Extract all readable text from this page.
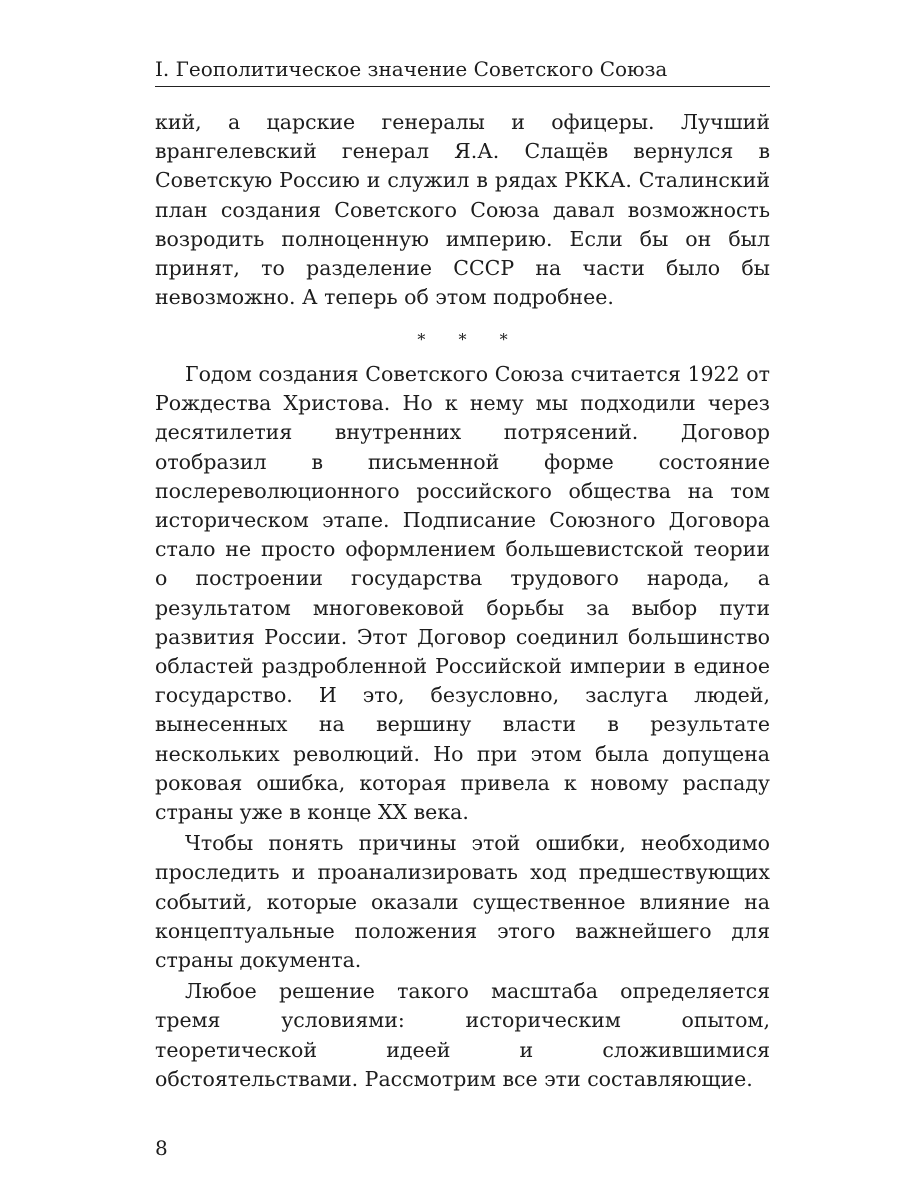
I. Геополитическое значение Советского Союза

кий, а царские генералы и офицеры. Лучший врангелевский генерал Я.А. Слащёв вернулся в Советскую Россию и служил в рядах РККА. Сталинский план создания Советского Союза давал возможность возродить полноценную империю. Если бы он был принят, то разделение СССР на части было бы невозможно. А теперь об этом подробнее.

* * *

Годом создания Советского Союза считается 1922 от Рождества Христова. Но к нему мы подходили через десятилетия внутренних потрясений. Договор отобразил в письменной форме состояние послереволюционного российского общества на том историческом этапе. Подписание Союзного Договора стало не просто оформлением большевистской теории о построении государства трудового народа, а результатом многовековой борьбы за выбор пути развития России. Этот Договор соединил большинство областей раздробленной Российской империи в единое государство. И это, безусловно, заслуга людей, вынесенных на вершину власти в результате нескольких революций. Но при этом была допущена роковая ошибка, которая привела к новому распаду страны уже в конце XX века.

Чтобы понять причины этой ошибки, необходимо проследить и проанализировать ход предшествующих событий, которые оказали существенное влияние на концептуальные положения этого важнейшего для страны документа.

Любое решение такого масштаба определяется тремя условиями: историческим опытом, теоретической идеей и сложившимися обстоятельствами. Рассмотрим все эти составляющие.

8
